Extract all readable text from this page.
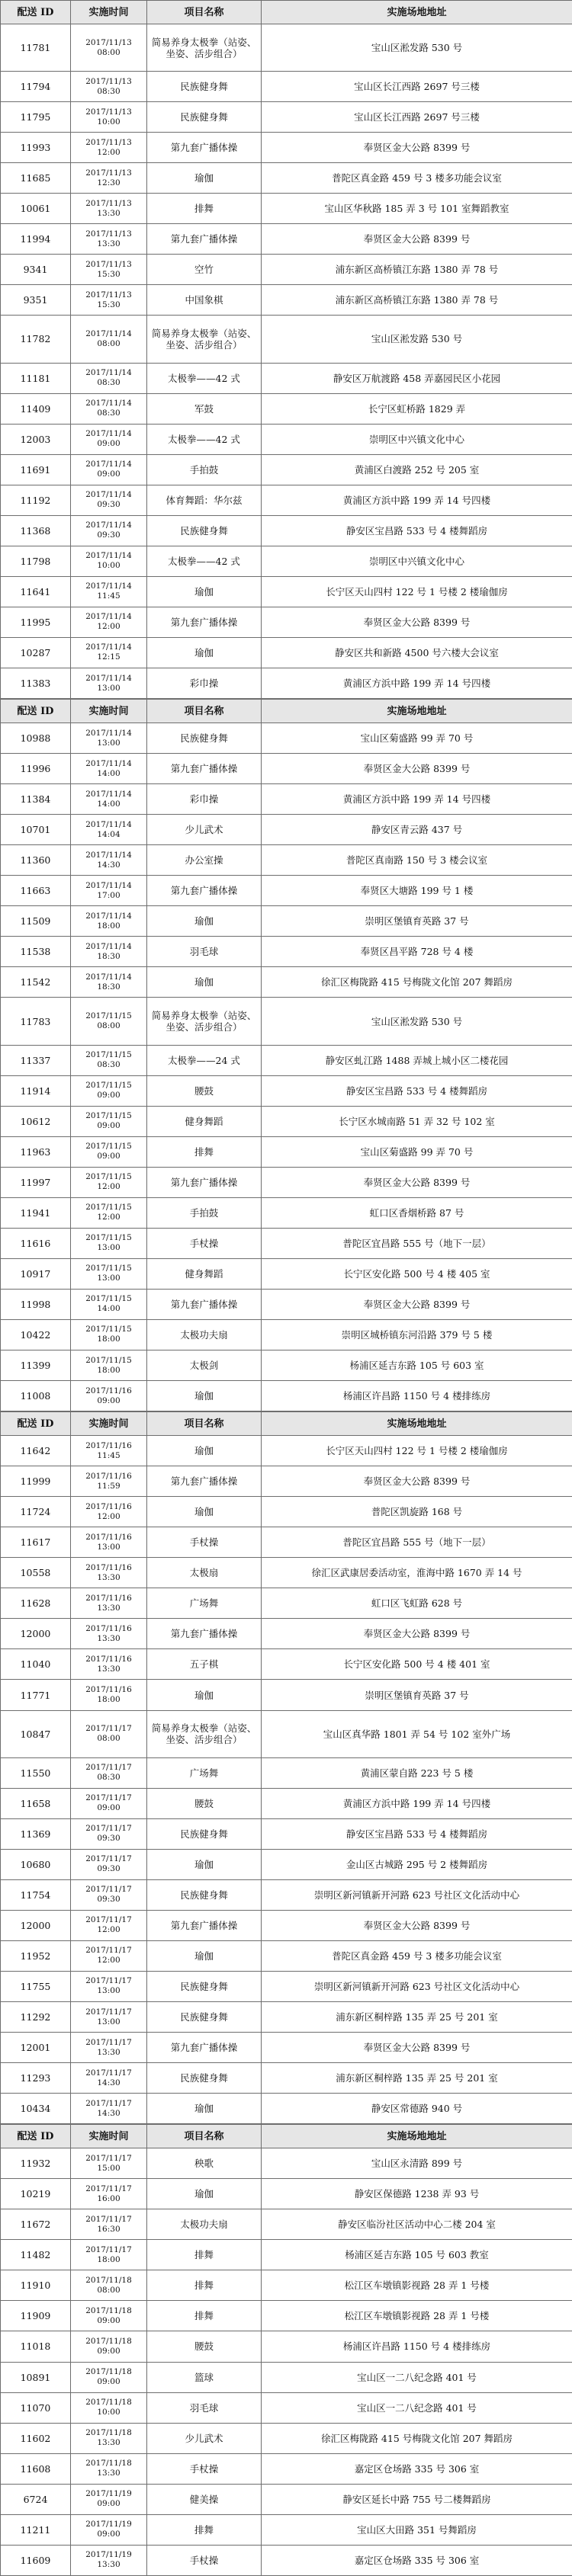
配送 ID	实施时间	项目名称	实施场地地址
11781	2017/11/13 08:00	简易养身太极拳（站姿、坐姿、活步组合）	宝山区淞发路 530 号
11794	2017/11/13 08:30	民族健身舞	宝山区长江西路 2697 号三楼
11795	2017/11/13 10:00	民族健身舞	宝山区长江西路 2697 号三楼
11993	2017/11/13 12:00	第九套广播体操	奉贤区金大公路 8399 号
11685	2017/11/13 12:30	瑜伽	普陀区真金路 459 号 3 楼多功能会议室
10061	2017/11/13 13:30	排舞	宝山区华秋路 185 弄 3 号 101 室舞蹈教室
11994	2017/11/13 13:30	第九套广播体操	奉贤区金大公路 8399 号
9341	2017/11/13 15:30	空竹	浦东新区高桥镇江东路 1380 弄 78 号
9351	2017/11/13 15:30	中国象棋	浦东新区高桥镇江东路 1380 弄 78 号
11782	2017/11/14 08:00	简易养身太极拳（站姿、坐姿、活步组合）	宝山区淞发路 530 号
11181	2017/11/14 08:30	太极拳——42 式	静安区万航渡路 458 弄嘉园民区小花园
11409	2017/11/14 08:30	军鼓	长宁区虹桥路 1829 弄
12003	2017/11/14 09:00	太极拳——42 式	崇明区中兴镇文化中心
11691	2017/11/14 09:00	手拍鼓	黄浦区白渡路 252 号 205 室
11192	2017/11/14 09:30	体育舞蹈：华尔兹	黄浦区方浜中路 199 弄 14 号四楼
11368	2017/11/14 09:30	民族健身舞	静安区宝昌路 533 号 4 楼舞蹈房
11798	2017/11/14 10:00	太极拳——42 式	崇明区中兴镇文化中心
11641	2017/11/14 11:45	瑜伽	长宁区天山四村 122 号 1 号楼 2 楼瑜伽房
11995	2017/11/14 12:00	第九套广播体操	奉贤区金大公路 8399 号
10287	2017/11/14 12:15	瑜伽	静安区共和新路 4500 号六楼大会议室
11383	2017/11/14 13:00	彩巾操	黄浦区方浜中路 199 弄 14 号四楼
配送 ID	实施时间	项目名称	实施场地地址
10988	2017/11/14 13:00	民族健身舞	宝山区菊盛路 99 弄 70 号
11996	2017/11/14 14:00	第九套广播体操	奉贤区金大公路 8399 号
11384	2017/11/14 14:00	彩巾操	黄浦区方浜中路 199 弄 14 号四楼
10701	2017/11/14 14:04	少儿武术	静安区青云路 437 号
11360	2017/11/14 14:30	办公室操	普陀区真南路 150 号 3 楼会议室
11663	2017/11/14 17:00	第九套广播体操	奉贤区大塘路 199 号 1 楼
11509	2017/11/14 18:00	瑜伽	崇明区堡镇育英路 37 号
11538	2017/11/14 18:30	羽毛球	奉贤区昌平路 728 号 4 楼
11542	2017/11/14 18:30	瑜伽	徐汇区梅陇路 415 号梅陇文化馆 207 舞蹈房
11783	2017/11/15 08:00	简易养身太极拳（站姿、坐姿、活步组合）	宝山区淞发路 530 号
11337	2017/11/15 08:30	太极拳——24 式	静安区虬江路 1488 弄城上城小区二楼花园
11914	2017/11/15 09:00	腰鼓	静安区宝昌路 533 号 4 楼舞蹈房
10612	2017/11/15 09:00	健身舞蹈	长宁区水城南路 51 弄 32 号 102 室
11963	2017/11/15 09:00	排舞	宝山区菊盛路 99 弄 70 号
11997	2017/11/15 12:00	第九套广播体操	奉贤区金大公路 8399 号
11941	2017/11/15 12:00	手拍鼓	虹口区香烟桥路 87 号
11616	2017/11/15 13:00	手杖操	普陀区宜昌路 555 号（地下一层）
10917	2017/11/15 13:00	健身舞蹈	长宁区安化路 500 号 4 楼 405 室
11998	2017/11/15 14:00	第九套广播体操	奉贤区金大公路 8399 号
10422	2017/11/15 18:00	太极功夫扇	崇明区城桥镇东河沿路 379 号 5 楼
11399	2017/11/15 18:00	太极剑	杨浦区延吉东路 105 号 603 室
11008	2017/11/16 09:00	瑜伽	杨浦区许昌路 1150 号 4 楼排练房
配送 ID	实施时间	项目名称	实施场地地址
11642	2017/11/16 11:45	瑜伽	长宁区天山四村 122 号 1 号楼 2 楼瑜伽房
11999	2017/11/16 11:59	第九套广播体操	奉贤区金大公路 8399 号
11724	2017/11/16 12:00	瑜伽	普陀区凯旋路 168 号
11617	2017/11/16 13:00	手杖操	普陀区宜昌路 555 号（地下一层）
10558	2017/11/16 13:30	太极扇	徐汇区武康居委活动室，淮海中路 1670 弄 14 号
11628	2017/11/16 13:30	广场舞	虹口区飞虹路 628 号
12000	2017/11/16 13:30	第九套广播体操	奉贤区金大公路 8399 号
11040	2017/11/16 13:30	五子棋	长宁区安化路 500 号 4 楼 401 室
11771	2017/11/16 18:00	瑜伽	崇明区堡镇育英路 37 号
10847	2017/11/17 08:00	简易养身太极拳（站姿、坐姿、活步组合）	宝山区真华路 1801 弄 54 号 102 室外广场
11550	2017/11/17 08:30	广场舞	黄浦区蒙自路 223 号 5 楼
11658	2017/11/17 09:00	腰鼓	黄浦区方浜中路 199 弄 14 号四楼
11369	2017/11/17 09:30	民族健身舞	静安区宝昌路 533 号 4 楼舞蹈房
10680	2017/11/17 09:30	瑜伽	金山区古城路 295 号 2 楼舞蹈房
11754	2017/11/17 09:30	民族健身舞	崇明区新河镇新开河路 623 号社区文化活动中心
12000	2017/11/17 12:00	第九套广播体操	奉贤区金大公路 8399 号
11952	2017/11/17 12:00	瑜伽	普陀区真金路 459 号 3 楼多功能会议室
11755	2017/11/17 13:00	民族健身舞	崇明区新河镇新开河路 623 号社区文化活动中心
11292	2017/11/17 13:00	民族健身舞	浦东新区桐梓路 135 弄 25 号 201 室
12001	2017/11/17 13:30	第九套广播体操	奉贤区金大公路 8399 号
11293	2017/11/17 14:30	民族健身舞	浦东新区桐梓路 135 弄 25 号 201 室
10434	2017/11/17 14:30	瑜伽	静安区常德路 940 号
配送 ID	实施时间	项目名称	实施场地地址
11932	2017/11/17 15:00	秧歌	宝山区永清路 899 号
10219	2017/11/17 16:00	瑜伽	静安区保德路 1238 弄 93 号
11672	2017/11/17 16:30	太极功夫扇	静安区临汾社区活动中心二楼 204 室
11482	2017/11/17 18:00	排舞	杨浦区延吉东路 105 号 603 教室
11910	2017/11/18 08:00	排舞	松江区车墩镇影视路 28 弄 1 号楼
11909	2017/11/18 09:00	排舞	松江区车墩镇影视路 28 弄 1 号楼
11018	2017/11/18 09:00	腰鼓	杨浦区许昌路 1150 号 4 楼排练房
10891	2017/11/18 09:00	篮球	宝山区一二八纪念路 401 号
11070	2017/11/18 10:00	羽毛球	宝山区一二八纪念路 401 号
11602	2017/11/18 13:30	少儿武术	徐汇区梅陇路 415 号梅陇文化馆 207 舞蹈房
11608	2017/11/18 13:30	手杖操	嘉定区仓场路 335 号 306 室
6724	2017/11/19 09:00	健美操	静安区延长中路 755 号二楼舞蹈房
11211	2017/11/19 09:00	排舞	宝山区大田路 351 号舞蹈房
11609	2017/11/19 13:30	手杖操	嘉定区仓场路 335 号 306 室
